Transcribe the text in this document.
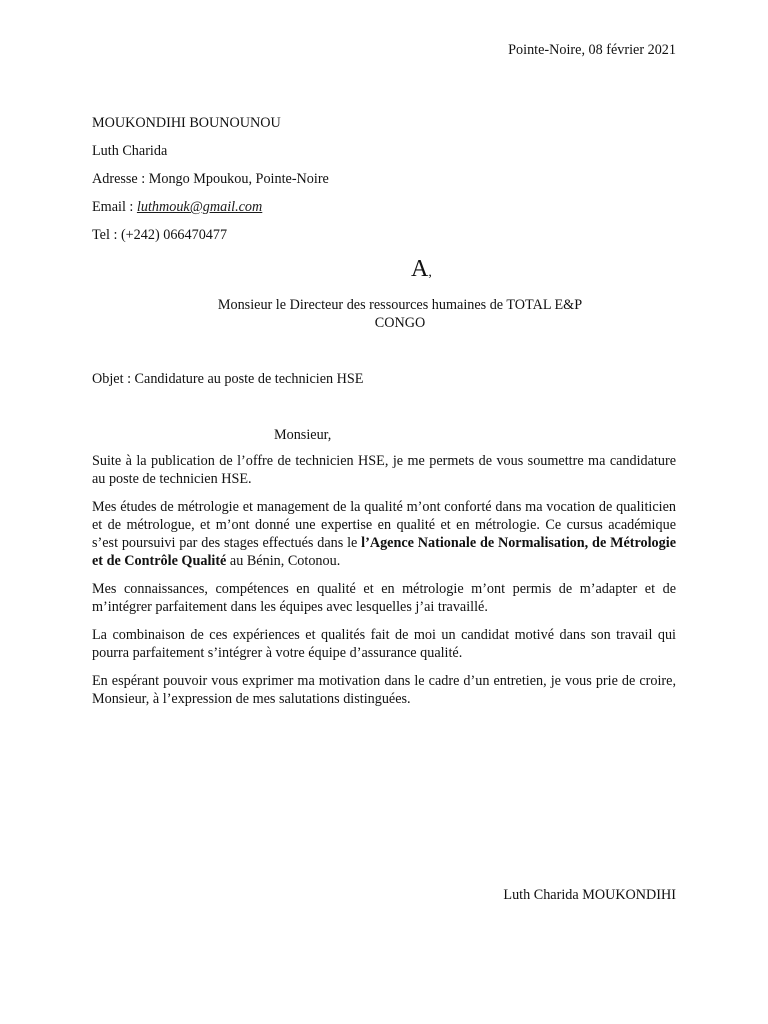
Pointe-Noire, 08 février 2021
MOUKONDIHI BOUNOUNOU
Luth Charida
Adresse : Mongo Mpoukou, Pointe-Noire
Email : luthmouk@gmail.com
Tel : (+242) 066470477
A,
Monsieur le Directeur des ressources humaines de TOTAL E&P CONGO
Objet : Candidature au poste de technicien HSE
Monsieur,

Suite à la publication de l’offre de technicien HSE, je me permets de vous soumettre ma candidature au poste de technicien HSE.

Mes études de métrologie et management de la qualité m’ont conforté dans ma vocation de qualiticien et de métrologue, et m’ont donné une expertise en qualité et en métrologie. Ce cursus académique s’est poursuivi par des stages effectués dans le l’Agence Nationale de Normalisation, de Métrologie et de Contrôle Qualité au Bénin, Cotonou.

Mes connaissances, compétences en qualité et en métrologie m’ont permis de m’adapter et de m’intégrer parfaitement dans les équipes avec lesquelles j’ai travaillé.

La combinaison de ces expériences et qualités fait de moi un candidat motivé dans son travail qui pourra parfaitement s’intégrer à votre équipe d’assurance qualité.

En espérant pouvoir vous exprimer ma motivation dans le cadre d’un entretien, je vous prie de croire, Monsieur, à l’expression de mes salutations distinguées.

Luth Charida MOUKONDIHI
